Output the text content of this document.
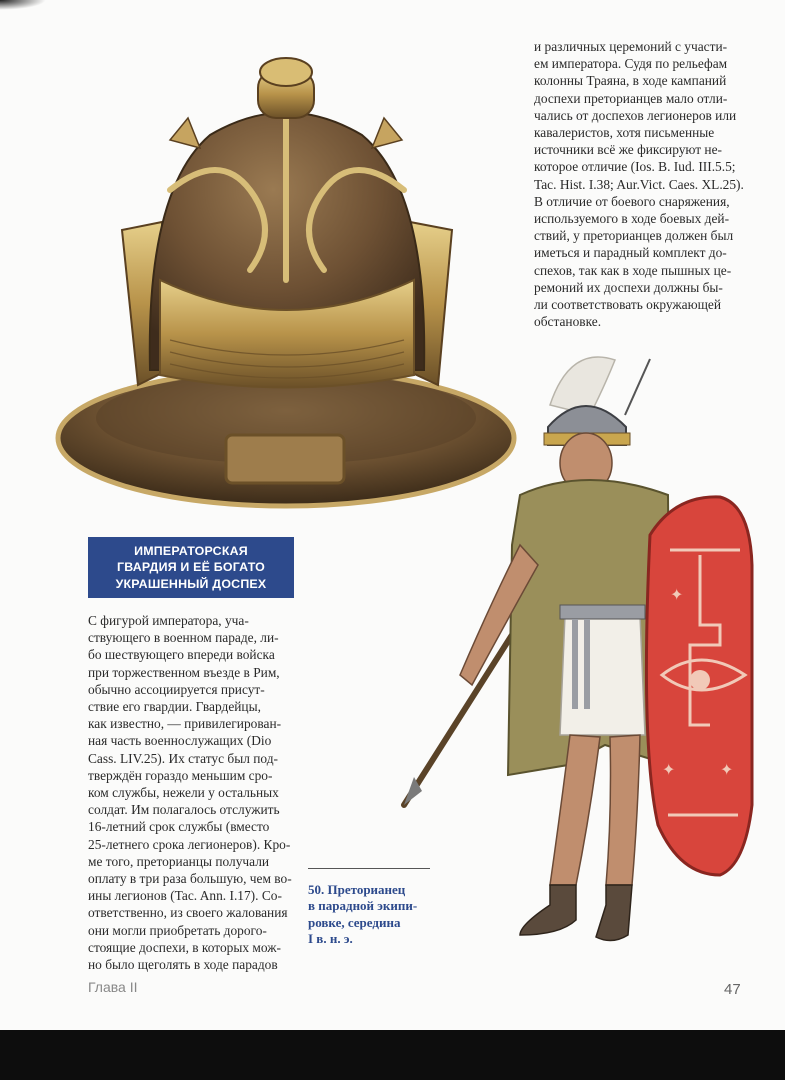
и различных церемоний с участи-
ем императора. Судя по рельефам
колонны Траяна, в ходе кампаний
доспехи преторианцев мало отли-
чались от доспехов легионеров или
кавалеристов, хотя письменные
источники всё же фиксируют не-
которое отличие (Ios. B. Iud. III.5.5;
Tac. Hist. I.38; Aur.Vict. Caes. XL.25).
В отличие от боевого снаряжения,
используемого в ходе боевых дей-
ствий, у преторианцев должен был
иметься и парадный комплект до-
спехов, так как в ходе пышных це-
ремоний их доспехи должны бы-
ли соответствовать окружающей
обстановке.
ИМПЕРАТОРСКАЯ
ГВАРДИЯ И ЕЁ БОГАТО
УКРАШЕННЫЙ ДОСПЕХ
С фигурой императора, уча-
ствующего в военном параде, ли-
бо шествующего впереди войска
при торжественном въезде в Рим,
обычно ассоциируется присут-
ствие его гвардии. Гвардейцы,
как известно, — привилегирован-
ная часть военнослужащих (Dio
Cass. LIV.25). Их статус был под-
тверждён гораздо меньшим сро-
ком службы, нежели у остальных
солдат. Им полагалось отслужить
16-летний срок службы (вместо
25-летнего срока легионеров). Кро-
ме того, преторианцы получали
оплату в три раза большую, чем во-
ины легионов (Tac. Ann. I.17). Со-
ответственно, из своего жалования
они могли приобретать дорого-
стоящие доспехи, в которых мож-
но было щеголять в ходе парадов
✦
✦
✦
50. Преторианец
в парадной экипи-
ровке, середина
I в. н. э.
Глава II	47
